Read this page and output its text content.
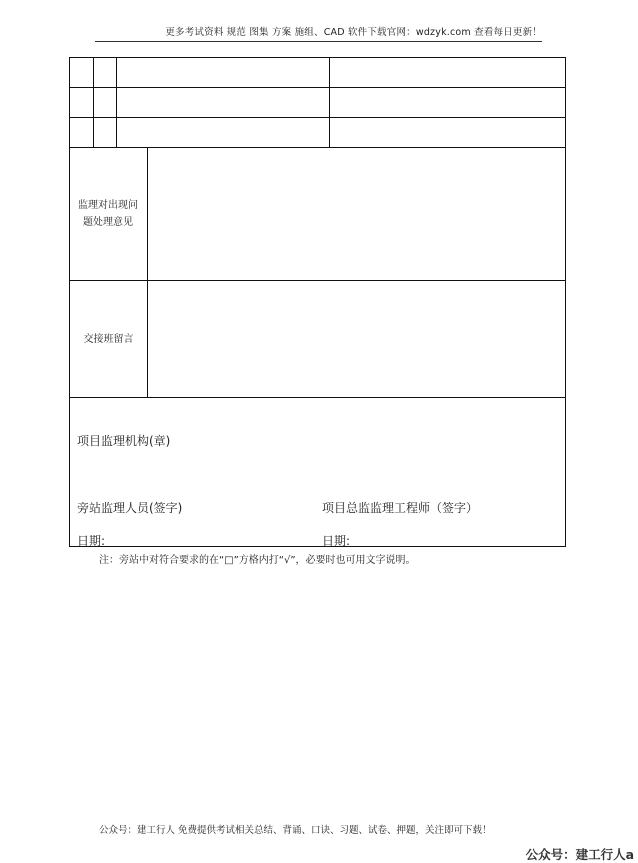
更多考试资料 规范 图集 方案 施组、CAD 软件下载官网：wdzyk.com 查看每日更新！
监理对出现问题处理意见
交接班留言
项目监理机构(章)
旁站监理人员(签字)	项目总监监理工程师（签字）
日期:	日期:
注：旁站中对符合要求的在“□”方格内打“√”，必要时也可用文字说明。
公众号：建工行人 免费提供考试相关总结、背诵、口诀、习题、试卷、押题，关注即可下载！
公众号：建工行人a
